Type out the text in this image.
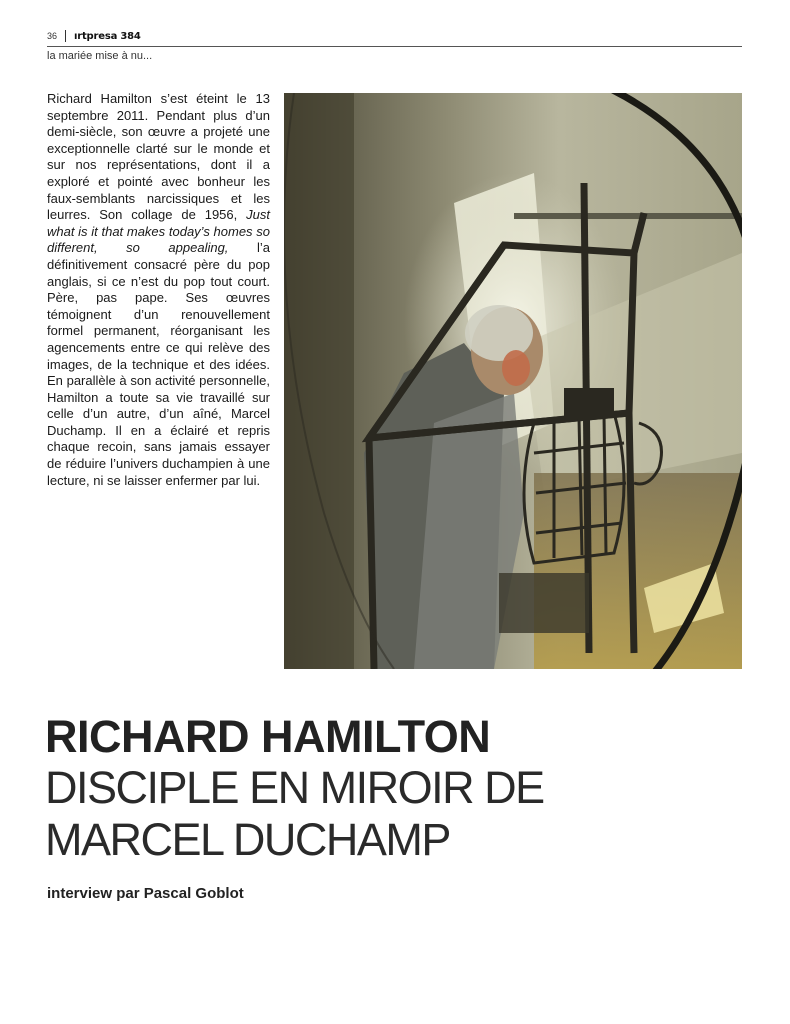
36 ırtpresa 384
la mariée mise à nu...
Richard Hamilton s’est éteint le 13 septembre 2011. Pendant plus d’un demi-siècle, son œuvre a projeté une exceptionnelle clarté sur le monde et sur nos représentations, dont il a exploré et pointé avec bonheur les faux-semblants narcissiques et les leurres. Son collage de 1956, Just what is it that makes today’s homes so different, so appealing, l’a définitivement consacré père du pop anglais, si ce n’est du pop tout court. Père, pas pape. Ses œuvres témoignent d’un renouvellement formel permanent, réorganisant les agencements entre ce qui relève des images, de la technique et des idées. En parallèle à son activité personnelle, Hamilton a toute sa vie travaillé sur celle d’un autre, d’un aîné, Marcel Duchamp. Il en a éclairé et repris chaque recoin, sans jamais essayer de réduire l’univers duchampien à une lecture, ni se laisser enfermer par lui.
RICHARD HAMILTON
DISCIPLE EN MIROIR DE
MARCEL DUCHAMP
interview par Pascal Goblot
